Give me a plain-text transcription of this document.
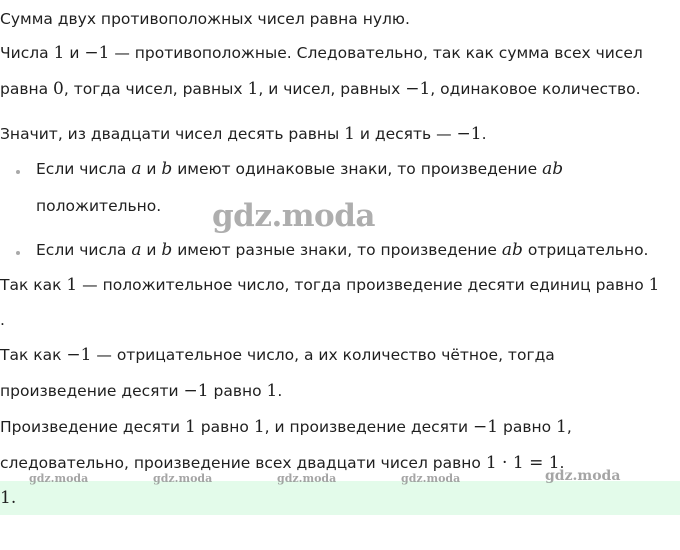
Сумма двух противоположных чисел равна нулю.
Числа 1 и −1 — противоположные. Следовательно, так как сумма всех чисел
равна 0, тогда чисел, равных 1, и чисел, равных −1, одинаковое количество.
Значит, из двадцати чисел десять равны 1 и десять — −1.
Если числа a и b имеют одинаковые знаки, то произведение ab
положительно.
Если числа a и b имеют разные знаки, то произведение ab отрицательно.
Так как 1 — положительное число, тогда произведение десяти единиц равно 1
.
Так как −1 — отрицательное число, а их количество чётное, тогда
произведение десяти −1 равно 1.
Произведение десяти 1 равно 1, и произведение десяти −1 равно 1,
следовательно, произведение всех двадцати чисел равно 1 · 1 = 1.
1.
gdz.moda
gdz.moda	gdz.moda	gdz.moda	gdz.moda	gdz.moda
